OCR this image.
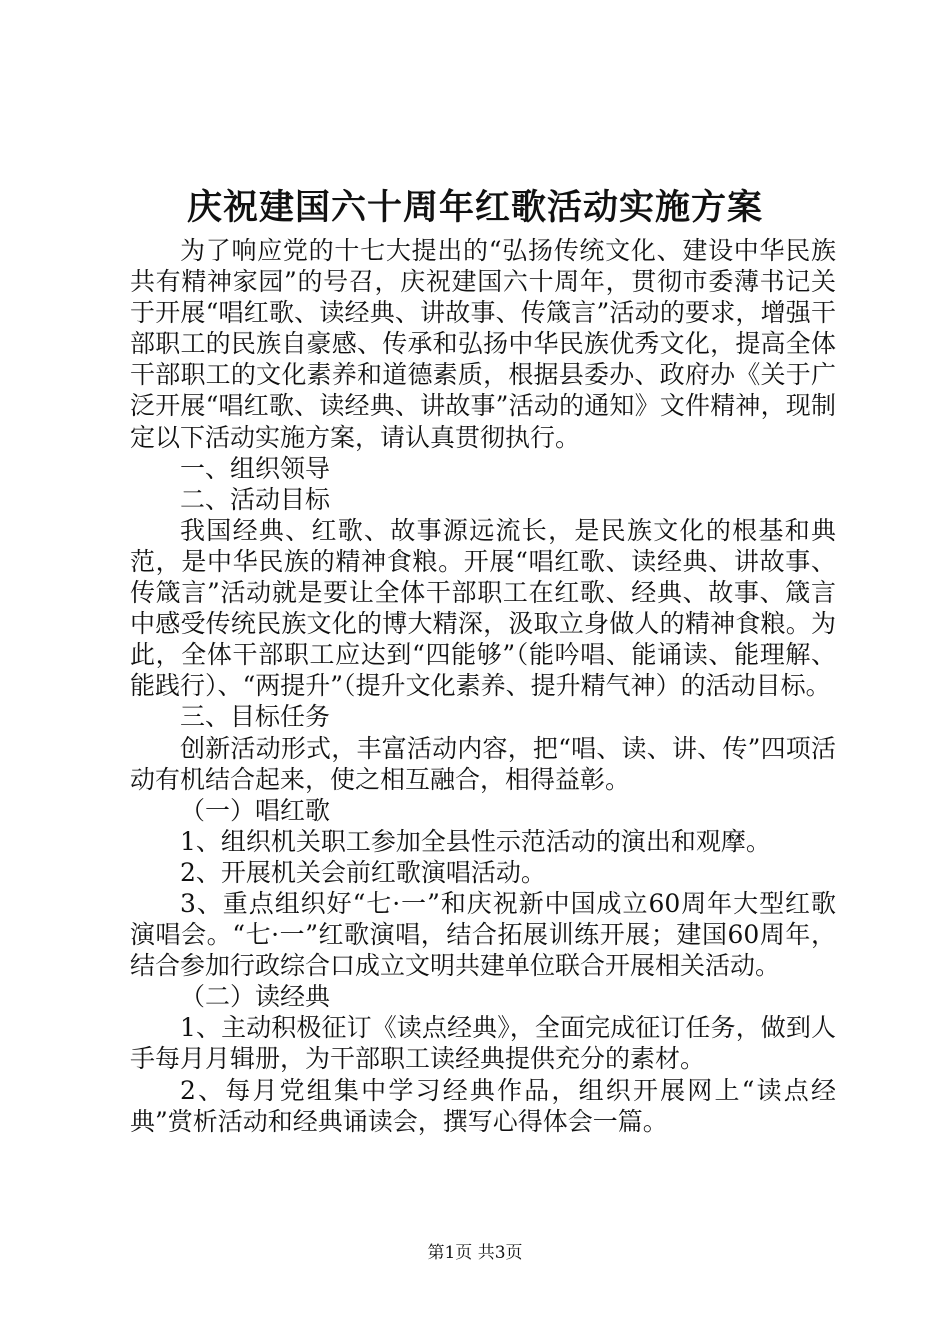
庆祝建国六十周年红歌活动实施方案

为了响应党的十七大提出的“弘扬传统文化、建设中华民族共有精神家园”的号召，庆祝建国六十周年，贯彻市委薄书记关于开展“唱红歌、读经典、讲故事、传箴言”活动的要求，增强干部职工的民族自豪感、传承和弘扬中华民族优秀文化，提高全体干部职工的文化素养和道德素质，根据县委办、政府办《关于广泛开展“唱红歌、读经典、讲故事”活动的通知》文件精神，现制定以下活动实施方案，请认真贯彻执行。

一、组织领导

二、活动目标

我国经典、红歌、故事源远流长，是民族文化的根基和典范，是中华民族的精神食粮。开展“唱红歌、读经典、讲故事、传箴言”活动就是要让全体干部职工在红歌、经典、故事、箴言中感受传统民族文化的博大精深，汲取立身做人的精神食粮。为此，全体干部职工应达到“四能够”（能吟唱、能诵读、能理解、能践行）、“两提升”（提升文化素养、提升精气神）的活动目标。

三、目标任务

创新活动形式，丰富活动内容，把“唱、读、讲、传”四项活动有机结合起来，使之相互融合，相得益彰。

（一）唱红歌

1、组织机关职工参加全县性示范活动的演出和观摩。

2、开展机关会前红歌演唱活动。

3、重点组织好“七·一”和庆祝新中国成立60周年大型红歌演唱会。“七·一”红歌演唱，结合拓展训练开展；建国60周年，结合参加行政综合口成立文明共建单位联合开展相关活动。

（二）读经典

1、主动积极征订《读点经典》，全面完成征订任务，做到人手每月月辑册，为干部职工读经典提供充分的素材。

2、每月党组集中学习经典作品，组织开展网上“读点经典”赏析活动和经典诵读会，撰写心得体会一篇。

第1页 共3页
